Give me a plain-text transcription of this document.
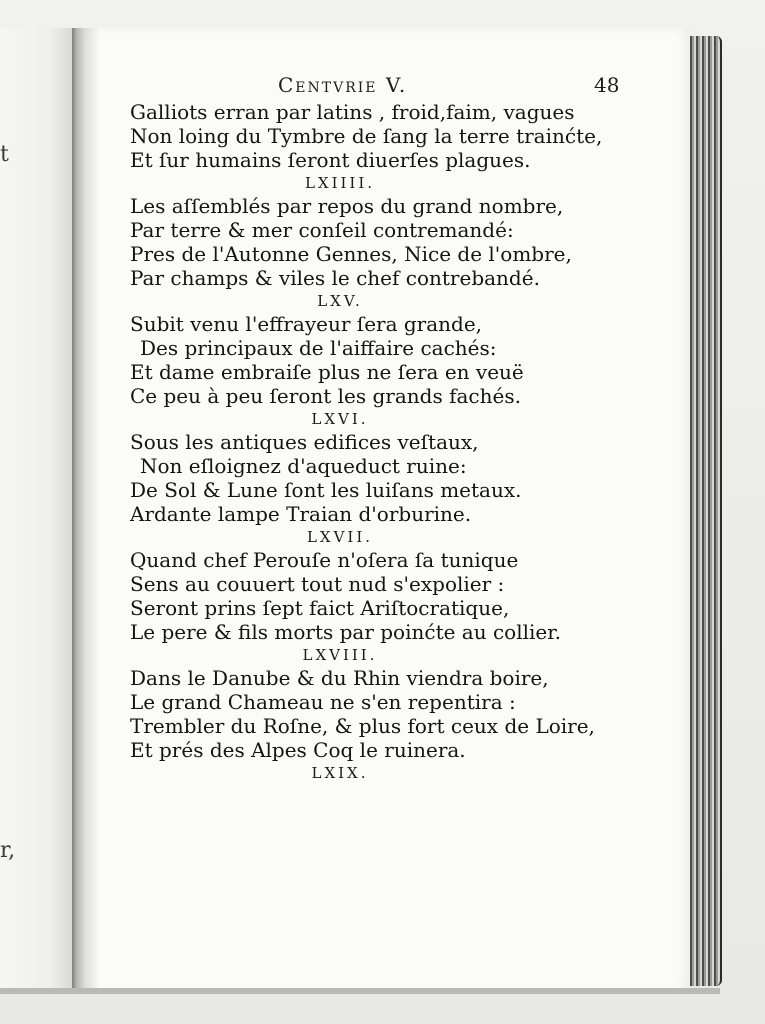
t
r,
Centvrie V.	48
Galliots erran par latins , froid,faim, vagues
Non loing du Tymbre de ſang la terre trainćte,
Et ſur humains ſeront diuerſes plagues.
LXIIII.
Les aſſemblés par repos du grand nombre,
Par terre & mer conſeil contremandé:
Pres de l'Autonne Gennes, Nice de l'ombre,
Par champs & viles le chef contrebandé.
LXV.
Subit venu l'effrayeur ſera grande,
Des principaux de l'aiffaire cachés:
Et dame embraiſe plus ne ſera en veuë
Ce peu à peu ſeront les grands fachés.
LXVI.
Sous les antiques edifices veſtaux,
Non eſloignez d'aqueduct ruine:
De Sol & Lune ſont les luiſans metaux.
Ardante lampe Traian d'orburine.
LXVII.
Quand chef Perouſe n'oſera ſa tunique
Sens au couuert tout nud s'expolier :
Seront prins ſept faict Ariſtocratique,
Le pere & fils morts par poinćte au collier.
LXVIII.
Dans le Danube & du Rhin viendra boire,
Le grand Chameau ne s'en repentira :
Trembler du Roſne, & plus fort ceux de Loire,
Et prés des Alpes Coq le ruinera.
LXIX.
